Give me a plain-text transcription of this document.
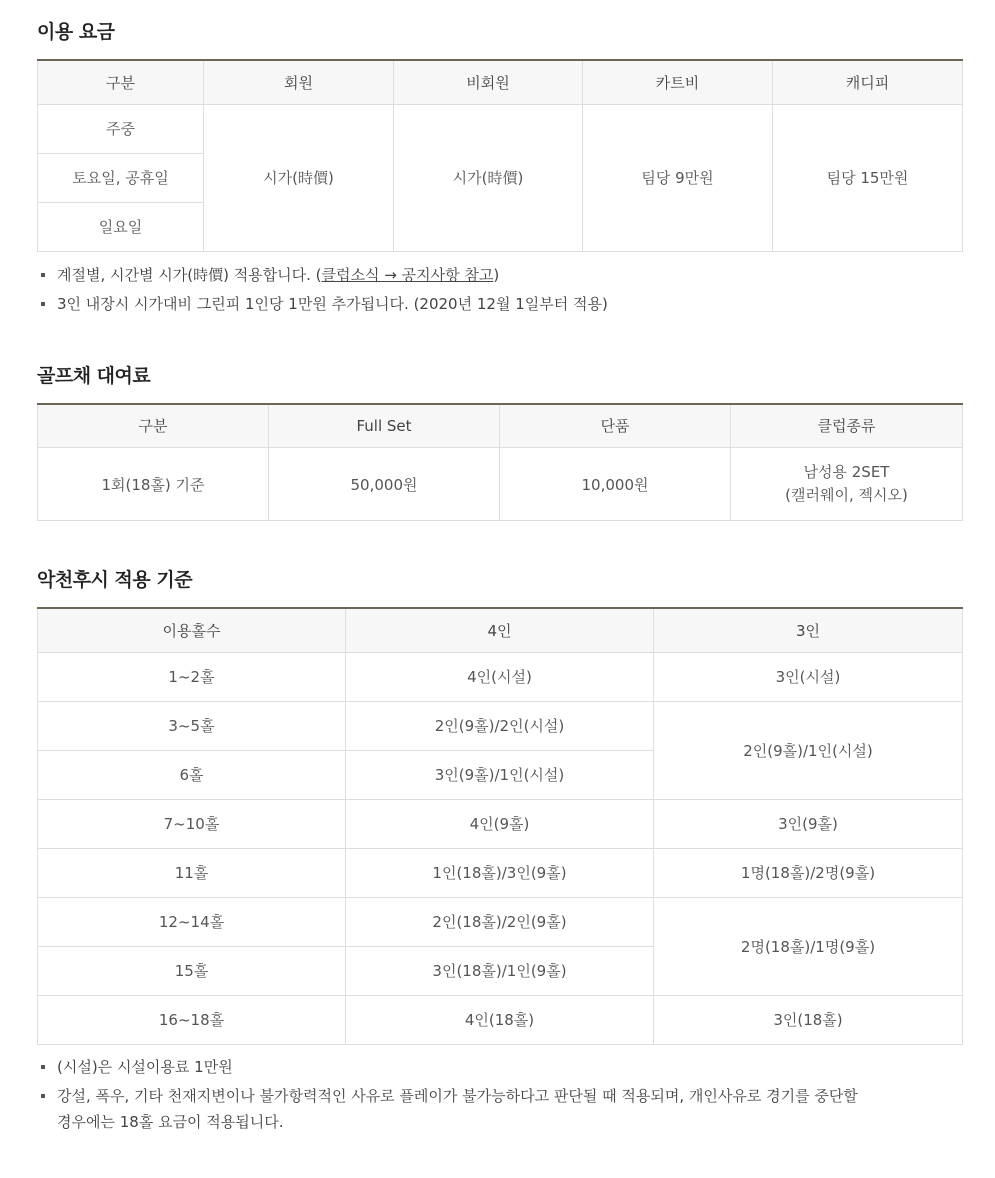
이용 요금
구분	회원	비회원	카트비	캐디피
주중	시가(時價)	시가(時價)	팀당 9만원	팀당 15만원
토요일, 공휴일				
일요일				
계절별, 시간별 시가(時價) 적용합니다. (클럽소식 → 공지사항 참고)
3인 내장시 시가대비 그린피 1인당 1만원 추가됩니다. (2020년 12월 1일부터 적용)
골프채 대여료
구분	Full Set	단품	클럽종류
1회(18홀) 기준	50,000원	10,000원	남성용 2SET
(캘러웨이, 젝시오)
악천후시 적용 기준
이용홀수	4인	3인
1~2홀	4인(시설)	3인(시설)
3~5홀	2인(9홀)/2인(시설)	2인(9홀)/1인(시설)
6홀	3인(9홀)/1인(시설)	
7~10홀	4인(9홀)	3인(9홀)
11홀	1인(18홀)/3인(9홀)	1명(18홀)/2명(9홀)
12~14홀	2인(18홀)/2인(9홀)	2명(18홀)/1명(9홀)
15홀	3인(18홀)/1인(9홀)	
16~18홀	4인(18홀)	3인(18홀)
(시설)은 시설이용료 1만원
강설, 폭우, 기타 천재지변이나 불가항력적인 사유로 플레이가 불가능하다고 판단될 때 적용되며, 개인사유로 경기를 중단할
경우에는 18홀 요금이 적용됩니다.
